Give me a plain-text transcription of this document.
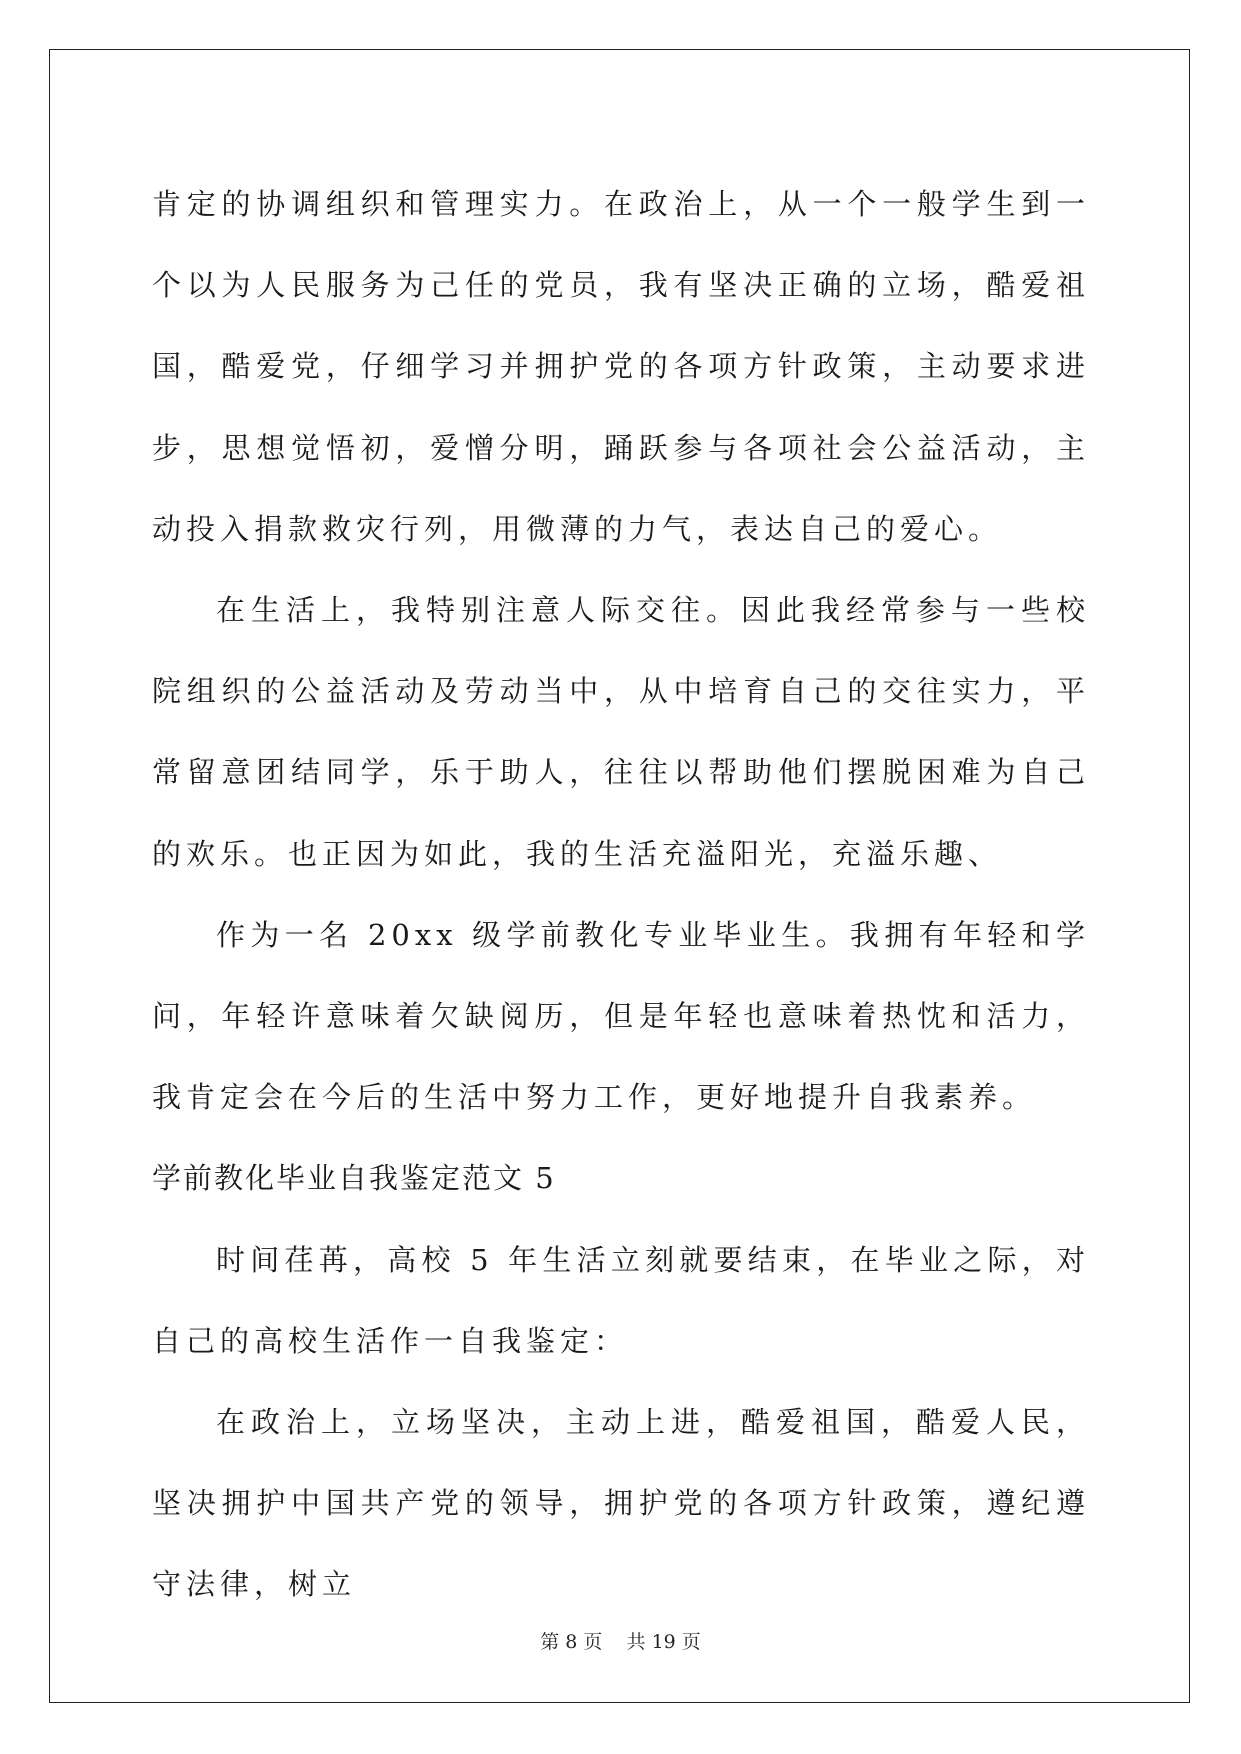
肯定的协调组织和管理实力。在政治上，从一个一般学生到一个以为人民服务为己任的党员，我有坚决正确的立场，酷爱祖国，酷爱党，仔细学习并拥护党的各项方针政策，主动要求进步，思想觉悟初，爱憎分明，踊跃参与各项社会公益活动，主动投入捐款救灾行列，用微薄的力气，表达自己的爱心。

在生活上，我特别注意人际交往。因此我经常参与一些校院组织的公益活动及劳动当中，从中培育自己的交往实力，平常留意团结同学，乐于助人，往往以帮助他们摆脱困难为自己的欢乐。也正因为如此，我的生活充溢阳光，充溢乐趣、

作为一名 20xx 级学前教化专业毕业生。我拥有年轻和学问，年轻许意味着欠缺阅历，但是年轻也意味着热忱和活力，我肯定会在今后的生活中努力工作，更好地提升自我素养。

学前教化毕业自我鉴定范文 5

时间荏苒，高校 5 年生活立刻就要结束，在毕业之际，对自己的高校生活作一自我鉴定：

在政治上，立场坚决，主动上进，酷爱祖国，酷爱人民，坚决拥护中国共产党的领导，拥护党的各项方针政策，遵纪遵守法律，树立

第 8 页 共 19 页
